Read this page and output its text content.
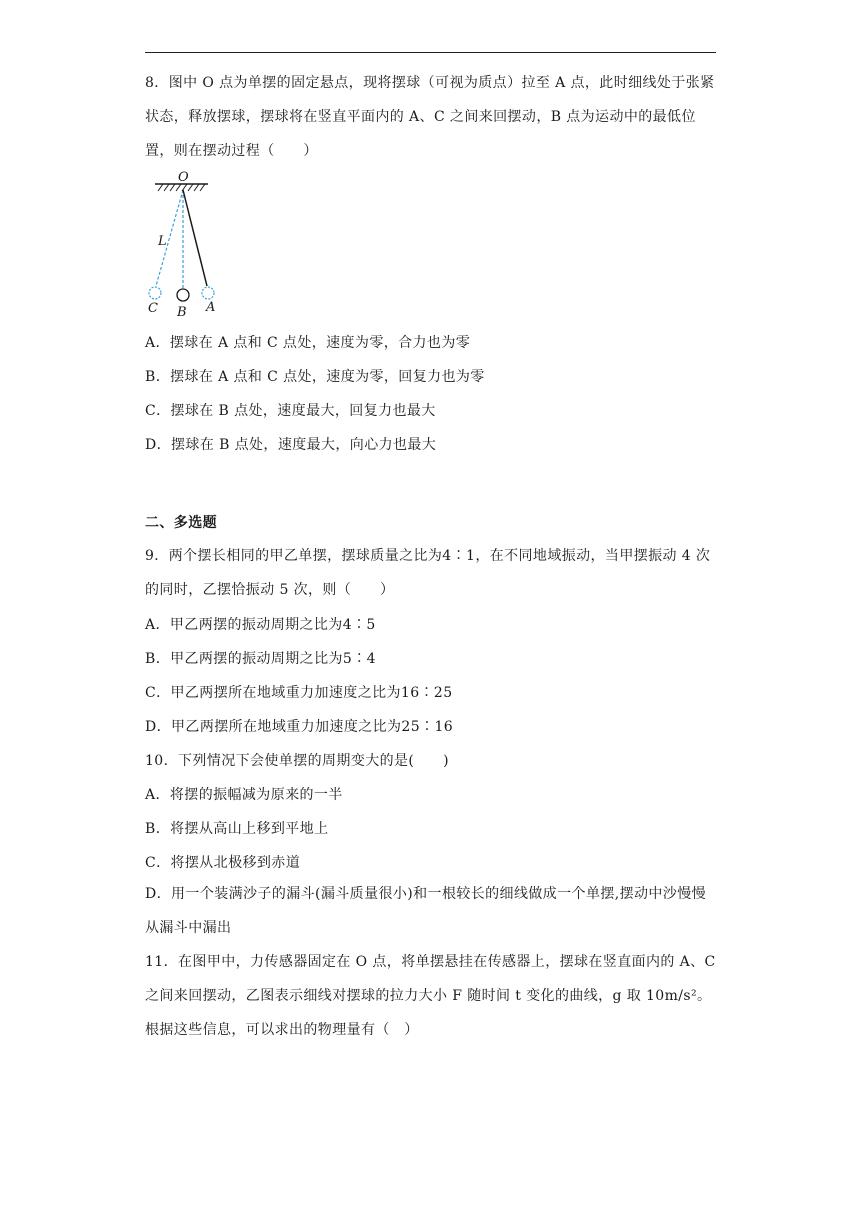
8．图中 O 点为单摆的固定悬点，现将摆球（可视为质点）拉至 A 点，此时细线处于张紧状态，释放摆球，摆球将在竖直平面内的 A、C 之间来回摆动，B 点为运动中的最低位置，则在摆动过程（　　）
O
L
C B A
A．摆球在 A 点和 C 点处，速度为零，合力也为零
B．摆球在 A 点和 C 点处，速度为零，回复力也为零
C．摆球在 B 点处，速度最大，回复力也最大
D．摆球在 B 点处，速度最大，向心力也最大
二、多选题
9．两个摆长相同的甲乙单摆，摆球质量之比为4∶1，在不同地域振动，当甲摆振动 4 次的同时，乙摆恰振动 5 次，则（　　）
A．甲乙两摆的振动周期之比为4∶5
B．甲乙两摆的振动周期之比为5∶4
C．甲乙两摆所在地域重力加速度之比为16∶25
D．甲乙两摆所在地域重力加速度之比为25∶16
10．下列情况下会使单摆的周期变大的是(　　)
A．将摆的振幅减为原来的一半
B．将摆从高山上移到平地上
C．将摆从北极移到赤道
D．用一个装满沙子的漏斗(漏斗质量很小)和一根较长的细线做成一个单摆,摆动中沙慢慢从漏斗中漏出
11．在图甲中，力传感器固定在 O 点，将单摆悬挂在传感器上，摆球在竖直面内的 A、C 之间来回摆动，乙图表示细线对摆球的拉力大小 F 随时间 t 变化的曲线，g 取 10m/s²。根据这些信息，可以求出的物理量有（　）
